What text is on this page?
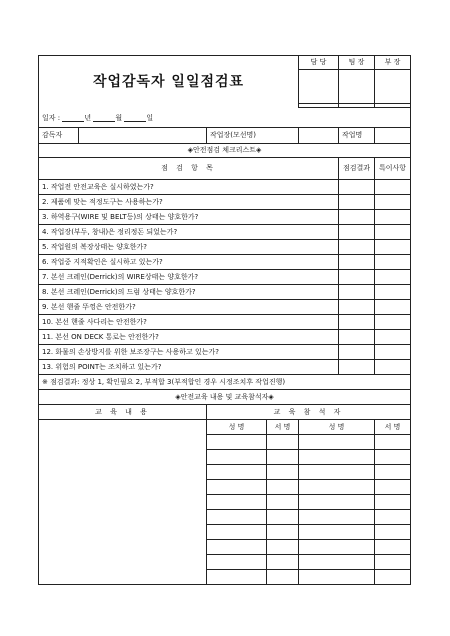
작업감독자 일일점검표				담 당	팀 장	부 장

일자 : 년 월 일						
감독자		작업장(모선명)			작업명	
◈안전점검 체크리스트◈						
점 검 항 목					점검결과	특이사항
1. 작업전 안전교육은 실시하였는가?						
2. 제품에 맞는 적정도구는 사용하는가?						
3. 하역용구(WIRE 및 BELT등)의 상태는 양호한가?						
4. 작업장(부두, 창내)은 정리정돈 되었는가?						
5. 작업원의 복장상태는 양호한가?						
6. 작업중 지적확인은 실시하고 있는가?						
7. 본선 크레인(Derrick)의 WIRE상태는 양호한가?						
8. 본선 크레인(Derrick)의 드럼 상태는 양호한가?						
9. 본선 핸줄 뚜껑은 안전한가?						
10. 본선 핸줄 사다리는 안전한가?						
11. 본선 ON DECK 통로는 안전한가?						
12. 화물의 손상방지를 위한 보조장구는 사용하고 있는가?						
13. 위험의 POINT는 조치하고 있는가?						
※ 점검결과: 정상 1, 확인필요 2, 부적합 3(부적합인 경우 시정조치후 작업진행)						
◈안전교육 내용 및 교육참석자◈						
교 육 내 용		교 육 참 석 자				
		성 명	서 명	성 명		서 명
